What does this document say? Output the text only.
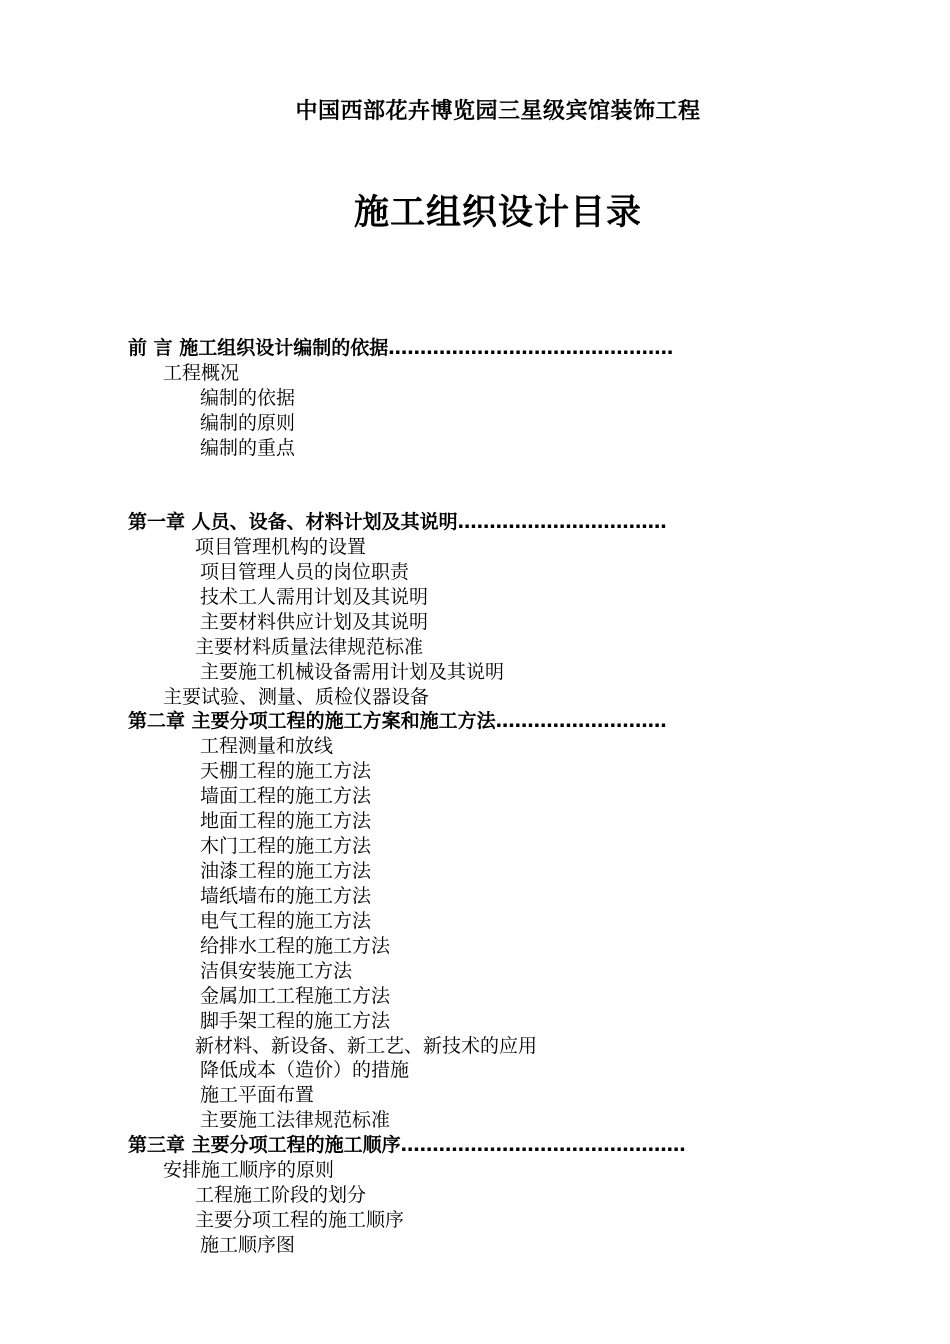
中国西部花卉博览园三星级宾馆装饰工程
施工组织设计目录
前 言 施工组织设计编制的依据………………………………………
工程概况
编制的依据
编制的原则
编制的重点
第一章 人员、设备、材料计划及其说明……………………………
项目管理机构的设置
项目管理人员的岗位职责
技术工人需用计划及其说明
主要材料供应计划及其说明
主要材料质量法律规范标准
主要施工机械设备需用计划及其说明
主要试验、测量、质检仪器设备
第二章 主要分项工程的施工方案和施工方法………………………
工程测量和放线
天棚工程的施工方法
墙面工程的施工方法
地面工程的施工方法
木门工程的施工方法
油漆工程的施工方法
墙纸墙布的施工方法
电气工程的施工方法
给排水工程的施工方法
洁俱安装施工方法
金属加工工程施工方法
脚手架工程的施工方法
新材料、新设备、新工艺、新技术的应用
降低成本（造价）的措施
施工平面布置
主要施工法律规范标准
第三章 主要分项工程的施工顺序………………………………………
安排施工顺序的原则
工程施工阶段的划分
主要分项工程的施工顺序
施工顺序图
